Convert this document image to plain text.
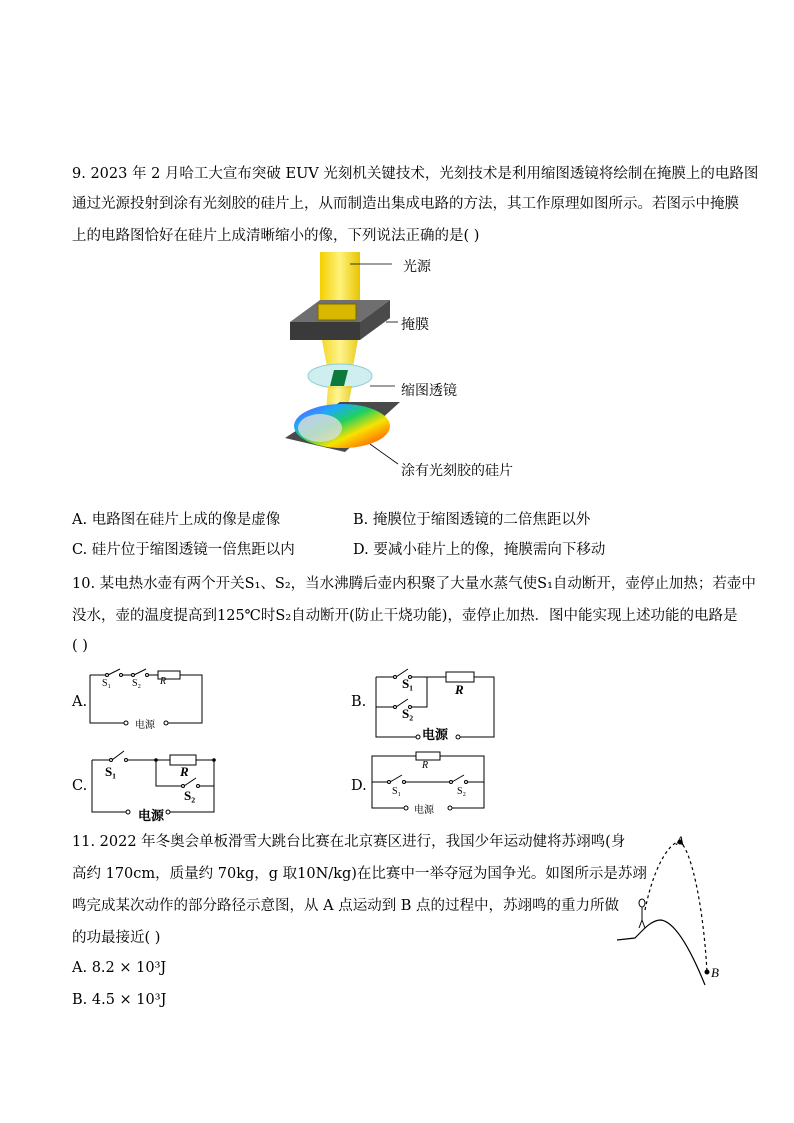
9. 2023 年 2 月哈工大宣布突破 EUV 光刻机关键技术，光刻技术是利用缩图透镜将绘制在掩膜上的电路图
通过光源投射到涂有光刻胶的硅片上，从而制造出集成电路的方法，其工作原理如图所示。若图示中掩膜
上的电路图恰好在硅片上成清晰缩小的像，下列说法正确的是( )
光源
掩膜
缩图透镜
涂有光刻胶的硅片
A. 电路图在硅片上成的像是虚像	B. 掩膜位于缩图透镜的二倍焦距以外
C. 硅片位于缩图透镜一倍焦距以内	D. 要减小硅片上的像，掩膜需向下移动
10. 某电热水壶有两个开关S₁、S₂，当水沸腾后壶内积聚了大量水蒸气使S₁自动断开，壶停止加热；若壶中
没水，壶的温度提高到125℃时S₂自动断开(防止干烧功能)，壶停止加热．图中能实现上述功能的电路是
( )
A.
S₁ S₂ R
电源
B.
S₁
S₂
R
电源
C.
S₁
S₂
R
电源
D.	S₁	S₂
R
电源
11. 2022 年冬奥会单板滑雪大跳台比赛在北京赛区进行，我国少年运动健将苏翊鸣(身
高约 170cm，质量约 70kg，g 取10N/kg)在比赛中一举夺冠为国争光。如图所示是苏翊
鸣完成某次动作的部分路径示意图，从 A 点运动到 B 点的过程中，苏翊鸣的重力所做
的功最接近( )
A
B
A. 8.2 × 10³J
B. 4.5 × 10³J
